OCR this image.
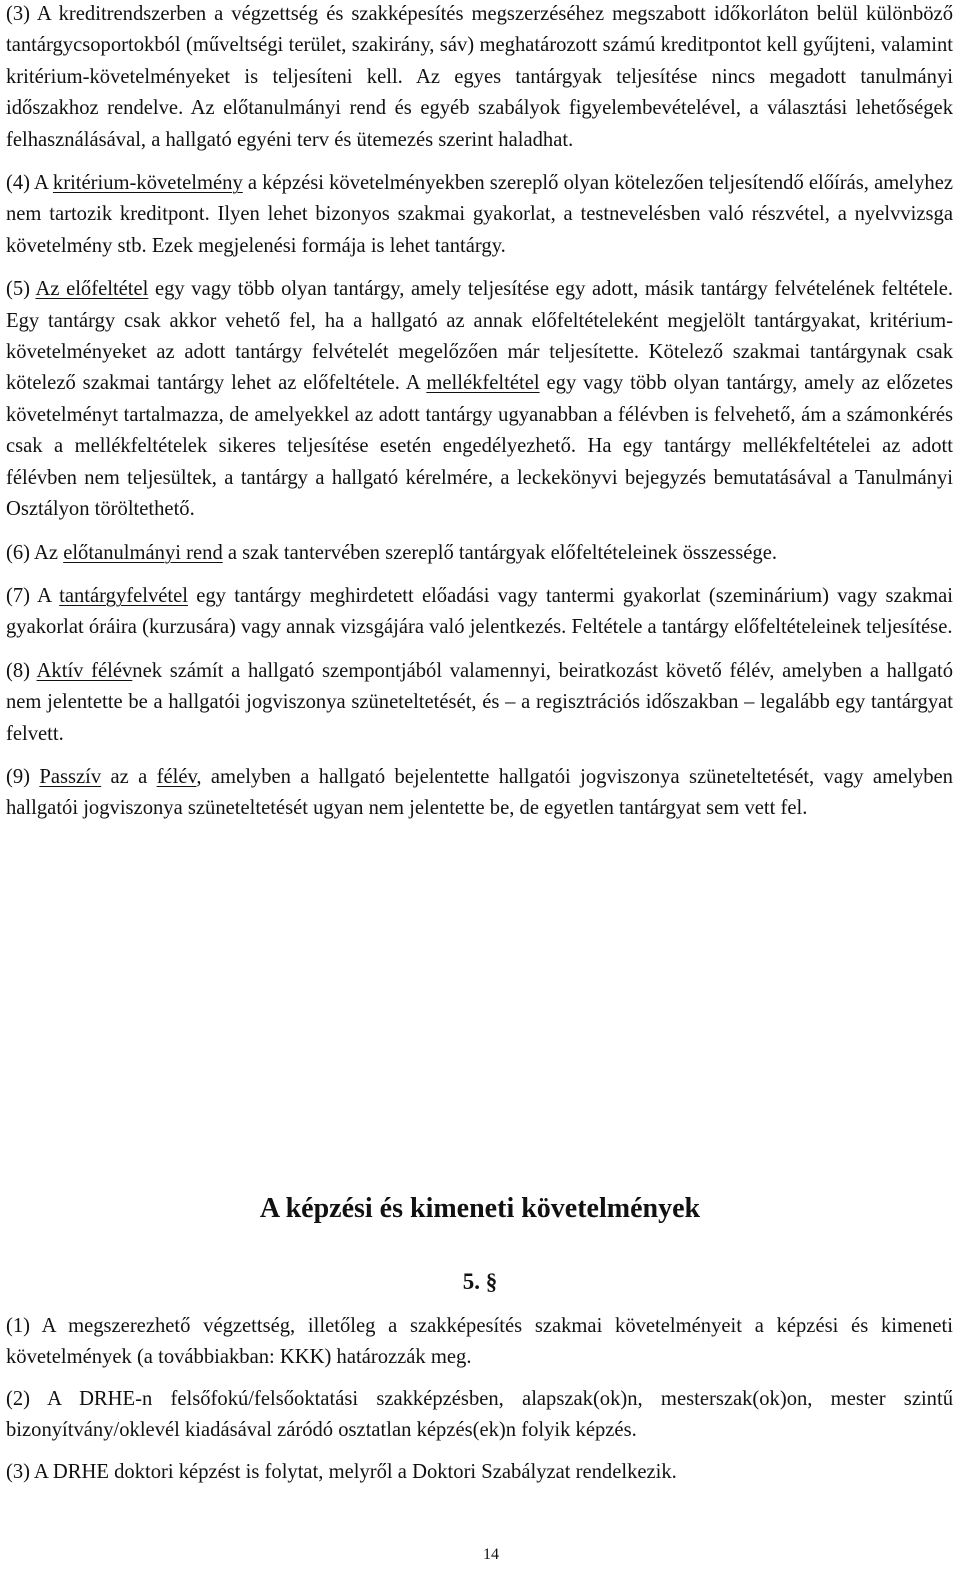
(3) A kreditrendszerben a végzettség és szakképesítés megszerzéséhez megszabott időkorláton belül különböző tantárgycsoportokból (műveltségi terület, szakirány, sáv) meghatározott számú kreditpontot kell gyűjteni, valamint kritérium-követelményeket is teljesíteni kell. Az egyes tantárgyak teljesítése nincs megadott tanulmányi időszakhoz rendelve. Az előtanulmányi rend és egyéb szabályok figyelembevételével, a választási lehetőségek felhasználásával, a hallgató egyéni terv és ütemezés szerint haladhat.

(4) A kritérium-követelmény a képzési követelményekben szereplő olyan kötelezően teljesítendő előírás, amelyhez nem tartozik kreditpont. Ilyen lehet bizonyos szakmai gyakorlat, a testnevelésben való részvétel, a nyelvvizsga követelmény stb. Ezek megjelenési formája is lehet tantárgy.

(5) Az előfeltétel egy vagy több olyan tantárgy, amely teljesítése egy adott, másik tantárgy felvételének feltétele. Egy tantárgy csak akkor vehető fel, ha a hallgató az annak előfeltételeként megjelölt tantárgyakat, kritérium-követelményeket az adott tantárgy felvételét megelőzően már teljesítette. Kötelező szakmai tantárgynak csak kötelező szakmai tantárgy lehet az előfeltétele. A mellékfeltétel egy vagy több olyan tantárgy, amely az előzetes követelményt tartalmazza, de amelyekkel az adott tantárgy ugyanabban a félévben is felvehető, ám a számonkérés csak a mellékfeltételek sikeres teljesítése esetén engedélyezhető. Ha egy tantárgy mellékfeltételei az adott félévben nem teljesültek, a tantárgy a hallgató kérelmére, a leckekönyvi bejegyzés bemutatásával a Tanulmányi Osztályon töröltethető.

(6) Az előtanulmányi rend a szak tantervében szereplő tantárgyak előfeltételeinek összessége.

(7) A tantárgyfelvétel egy tantárgy meghirdetett előadási vagy tantermi gyakorlat (szeminárium) vagy szakmai gyakorlat óráira (kurzusára) vagy annak vizsgájára való jelentkezés. Feltétele a tantárgy előfeltételeinek teljesítése.

(8) Aktív félévnek számít a hallgató szempontjából valamennyi, beiratkozást követő félév, amelyben a hallgató nem jelentette be a hallgatói jogviszonya szüneteltetését, és – a regisztrációs időszakban – legalább egy tantárgyat felvett.

(9) Passzív az a félév, amelyben a hallgató bejelentette hallgatói jogviszonya szüneteltetését, vagy amelyben hallgatói jogviszonya szüneteltetését ugyan nem jelentette be, de egyetlen tantárgyat sem vett fel.

A képzési és kimeneti követelmények
5. §

(1) A megszerezhető végzettség, illetőleg a szakképesítés szakmai követelményeit a képzési és kimeneti követelmények (a továbbiakban: KKK) határozzák meg.

(2) A DRHE-n felsőfokú/felsőoktatási szakképzésben, alapszak(ok)n, mesterszak(ok)on, mester szintű bizonyítvány/oklevél kiadásával záródó osztatlan képzés(ek)n folyik képzés.

(3) A DRHE doktori képzést is folytat, melyről a Doktori Szabályzat rendelkezik.

14
